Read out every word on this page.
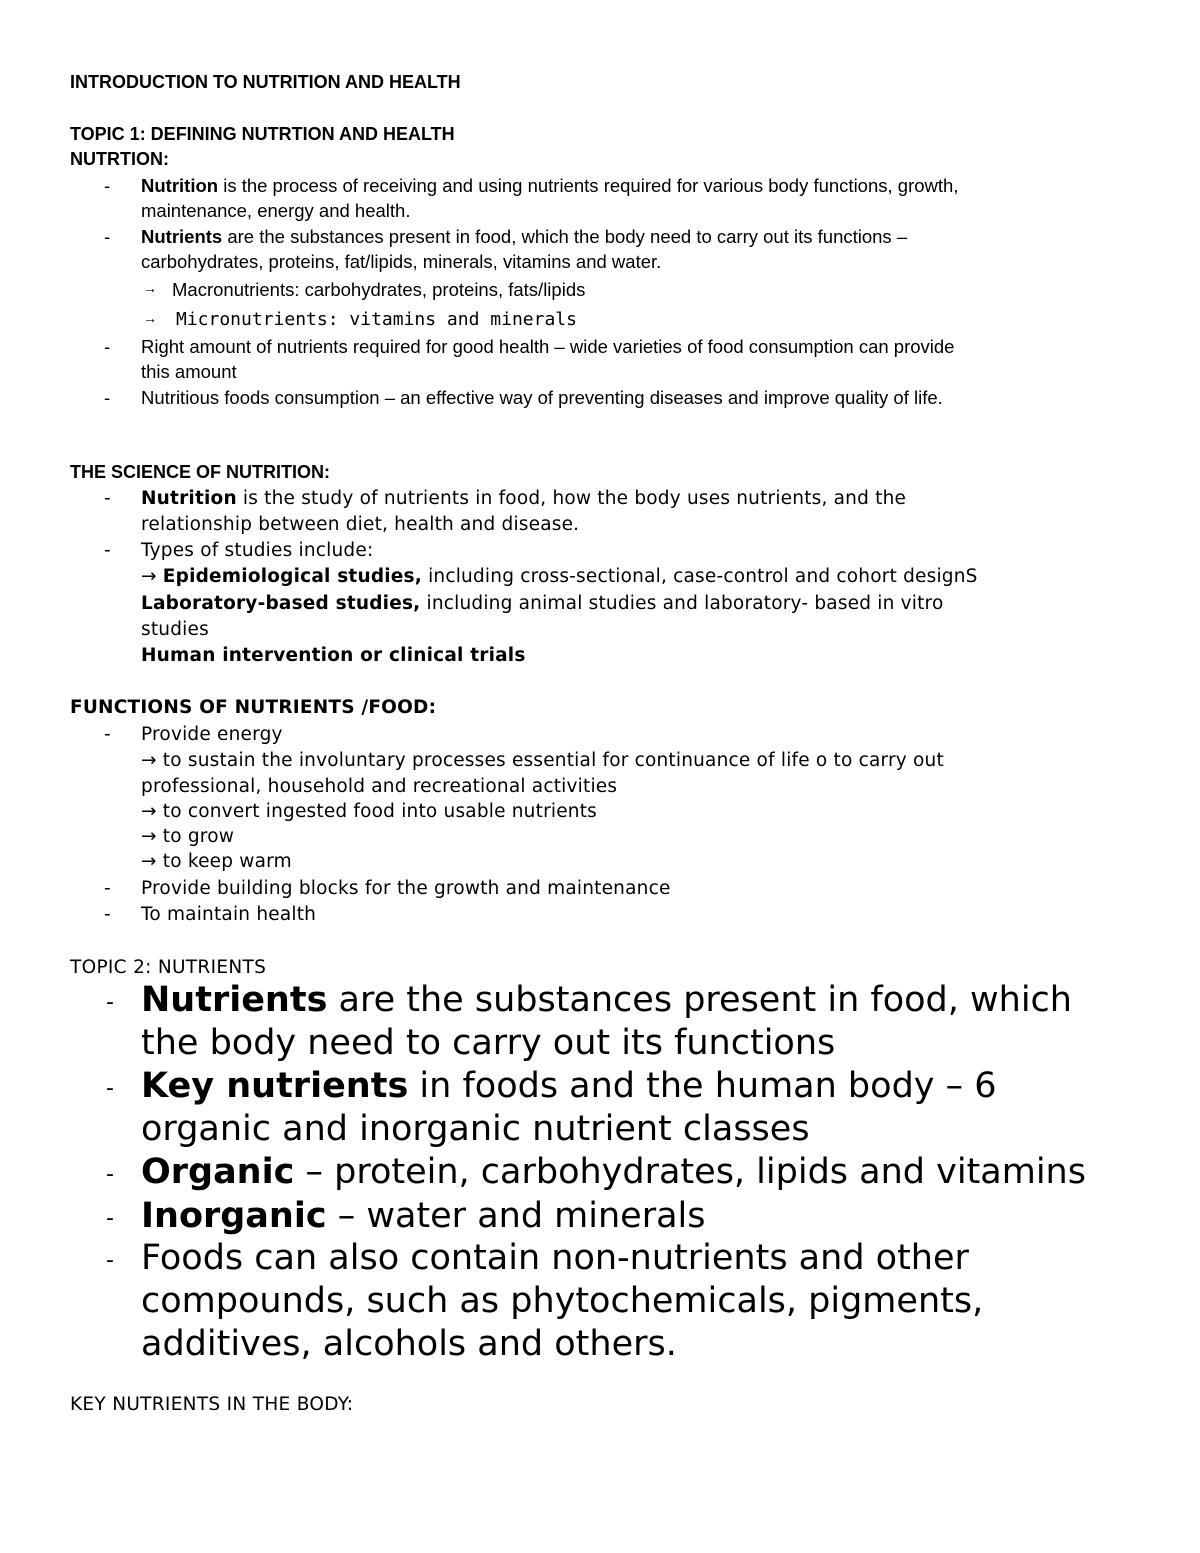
INTRODUCTION TO NUTRITION AND HEALTH
TOPIC 1: DEFINING NUTRTION AND HEALTH
NUTRTION:
- Nutrition is the process of receiving and using nutrients required for various body functions, growth,
maintenance, energy and health.
- Nutrients are the substances present in food, which the body need to carry out its functions –
carbohydrates, proteins, fat/lipids, minerals, vitamins and water.
→ Macronutrients: carbohydrates, proteins, fats/lipids
→ Micronutrients: vitamins and minerals
- Right amount of nutrients required for good health – wide varieties of food consumption can provide
this amount
- Nutritious foods consumption – an effective way of preventing diseases and improve quality of life.
THE SCIENCE OF NUTRITION:
- Nutrition is the study of nutrients in food, how the body uses nutrients, and the
relationship between diet, health and disease.
- Types of studies include:
→ Epidemiological studies, including cross-sectional, case-control and cohort designS
Laboratory-based studies, including animal studies and laboratory- based in vitro
studies
Human intervention or clinical trials
FUNCTIONS OF NUTRIENTS /FOOD:
- Provide energy
→ to sustain the involuntary processes essential for continuance of life o to carry out
professional, household and recreational activities
→ to convert ingested food into usable nutrients
→ to grow
→ to keep warm
- Provide building blocks for the growth and maintenance
- To maintain health
TOPIC 2: NUTRIENTS
- Nutrients are the substances present in food, which
the body need to carry out its functions
- Key nutrients in foods and the human body – 6
organic and inorganic nutrient classes
- Organic – protein, carbohydrates, lipids and vitamins
- Inorganic – water and minerals
- Foods can also contain non-nutrients and other
compounds, such as phytochemicals, pigments,
additives, alcohols and others.
KEY NUTRIENTS IN THE BODY:
